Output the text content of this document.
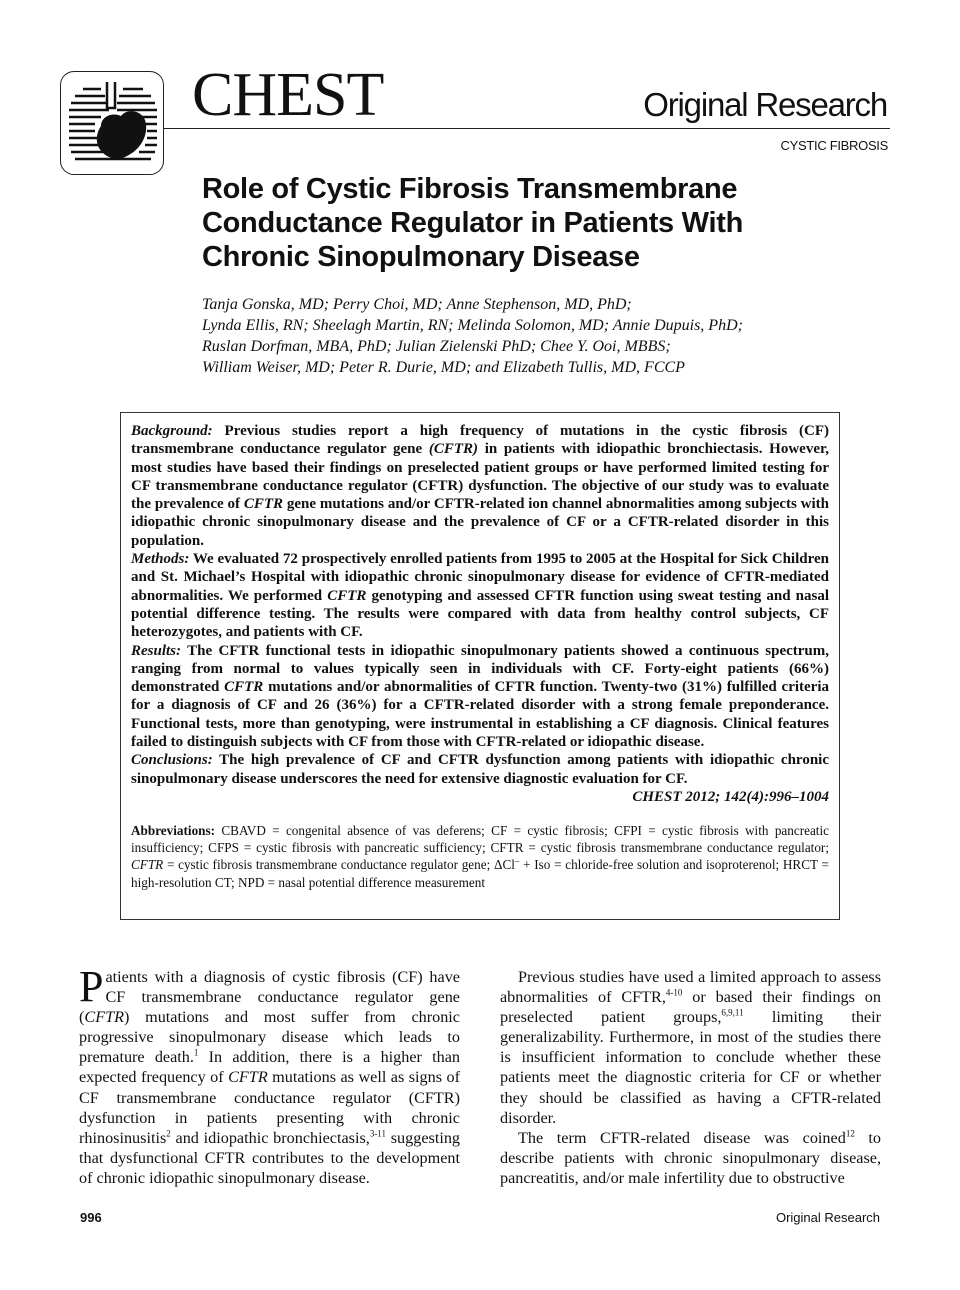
CHEST	Original Research
CYSTIC FIBROSIS
Role of Cystic Fibrosis Transmembrane Conductance Regulator in Patients With Chronic Sinopulmonary Disease
Tanja Gonska, MD; Perry Choi, MD; Anne Stephenson, MD, PhD;
Lynda Ellis, RN; Sheelagh Martin, RN; Melinda Solomon, MD; Annie Dupuis, PhD;
Ruslan Dorfman, MBA, PhD; Julian Zielenski PhD; Chee Y. Ooi, MBBS;
William Weiser, MD; Peter R. Durie, MD; and Elizabeth Tullis, MD, FCCP

Background: Previous studies report a high frequency of mutations in the cystic fibrosis (CF) transmembrane conductance regulator gene (CFTR) in patients with idiopathic bronchiectasis. However, most studies have based their findings on preselected patient groups or have performed limited testing for CF transmembrane conductance regulator (CFTR) dysfunction. The objective of our study was to evaluate the prevalence of CFTR gene mutations and/or CFTR-related ion channel abnormalities among subjects with idiopathic chronic sinopulmonary disease and the prevalence of CF or a CFTR-related disorder in this population.

Methods: We evaluated 72 prospectively enrolled patients from 1995 to 2005 at the Hospital for Sick Children and St. Michael’s Hospital with idiopathic chronic sinopulmonary disease for evidence of CFTR-mediated abnormalities. We performed CFTR genotyping and assessed CFTR function using sweat testing and nasal potential difference testing. The results were compared with data from healthy control subjects, CF heterozygotes, and patients with CF.

Results: The CFTR functional tests in idiopathic sinopulmonary patients showed a continuous spectrum, ranging from normal to values typically seen in individuals with CF. Forty-eight patients (66%) demonstrated CFTR mutations and/or abnormalities of CFTR function. Twenty-two (31%) fulfilled criteria for a diagnosis of CF and 26 (36%) for a CFTR-related disorder with a strong female preponderance. Functional tests, more than genotyping, were instrumental in establishing a CF diagnosis. Clinical features failed to distinguish subjects with CF from those with CFTR-related or idiopathic disease.

Conclusions: The high prevalence of CF and CFTR dysfunction among patients with idiopathic chronic sinopulmonary disease underscores the need for extensive diagnostic evaluation for CF.

CHEST 2012; 142(4):996–1004
Abbreviations: CBAVD = congenital absence of vas deferens; CF = cystic fibrosis; CFPI = cystic fibrosis with pancreatic insufficiency; CFPS = cystic fibrosis with pancreatic sufficiency; CFTR = cystic fibrosis transmembrane conductance regulator; CFTR = cystic fibrosis transmembrane conductance regulator gene; ΔCl– + Iso = chloride-free solution and isoproterenol; HRCT = high-resolution CT; NPD = nasal potential difference measurement

Patients with a diagnosis of cystic fibrosis (CF) have CF transmembrane conductance regulator gene (CFTR) mutations and most suffer from chronic progressive sinopulmonary disease which leads to premature death.$^1$ In addition, there is a higher than expected frequency of CFTR mutations as well as signs of CF transmembrane conductance regulator (CFTR) dysfunction in patients presenting with chronic rhinosinusitis$^2$ and idiopathic bronchiectasis,$^{3-11}$ suggesting that dysfunctional CFTR contributes to the development of chronic idiopathic sinopulmonary disease.

Previous studies have used a limited approach to assess abnormalities of CFTR,$^{4-10}$ or based their findings on preselected patient groups,$^{6,9,11}$ limiting their generalizability. Furthermore, in most of the studies there is insufficient information to conclude whether these patients meet the diagnostic criteria for CF or whether they should be classified as having a CFTR-related disorder.

The term CFTR-related disease was coined$^{12}$ to describe patients with chronic sinopulmonary disease, pancreatitis, and/or male infertility due to obstructive

996	Original Research
